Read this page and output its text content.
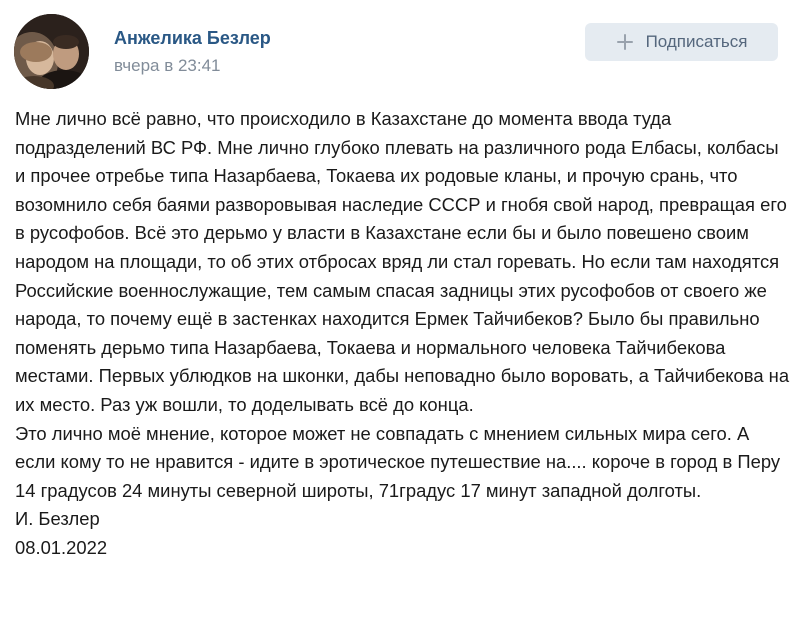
Анжелика Безлер
вчера в 23:41
Подписаться

Мне лично всё равно, что происходило в Казахстане до момента ввода туда подразделений ВС РФ. Мне лично глубоко плевать на различного рода Елбасы, колбасы и прочее отребье типа Назарбаева, Токаева их родовые кланы, и прочую срань, что возомнило себя баями разворовывая наследие СССР и гнобя свой народ, превращая его в русофобов. Всё это дерьмо у власти в Казахстане если бы и было повешено своим народом на площади, то об этих отбросах вряд ли стал горевать. Но если там находятся Российские военнослужащие, тем самым спасая задницы этих русофобов от своего же народа, то почему ещё в застенках находится Ермек Тайчибеков? Было бы правильно поменять дерьмо типа Назарбаева, Токаева и нормального человека Тайчибекова местами. Первых ублюдков на шконки, дабы неповадно было воровать, а Тайчибекова на их место. Раз уж вошли, то доделывать всё до конца.

Это лично моё мнение, которое может не совпадать с мнением сильных мира сего. А если кому то не нравится - идите в эротическое путешествие на.... короче в город в Перу 14 градусов 24 минуты северной широты, 71градус 17 минут западной долготы.

И. Безлер

08.01.2022
